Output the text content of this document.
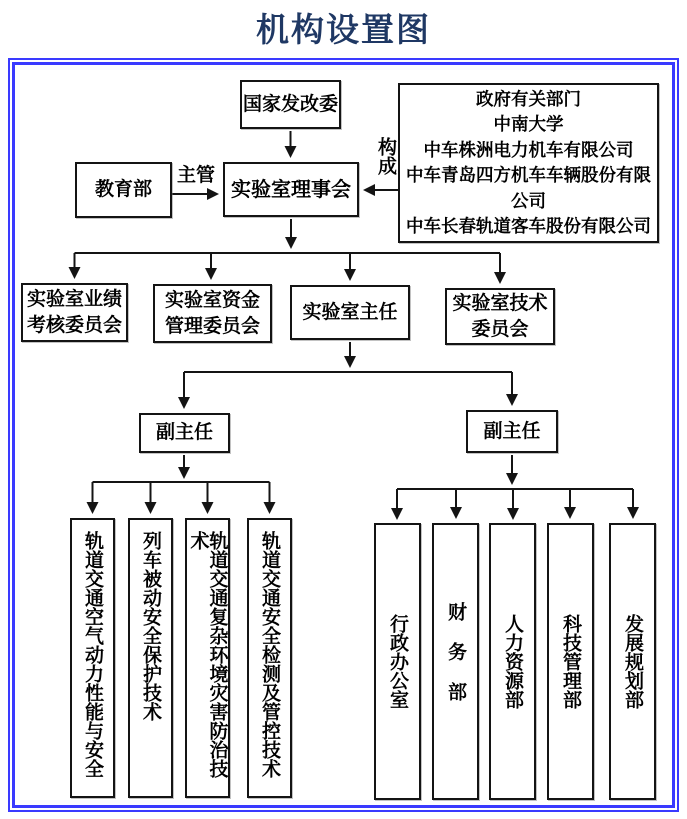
机构设置图
国家发改委
教育部	实验室理事会
政府有关部门
中南大学
中车株洲电力机车有限公司
中车青岛四方机车车辆股份有限公司
中车长春轨道客车股份有限公司
主管
构成
实验室业绩考核委员会
实验室资金管理委员会
实验室主任	实验室技术委员会
副主任	副主任
轨道交通空气动力性能与安全 列车被动安全保护技术	轨道交通复杂环境灾害防治技术	轨道交通安全检测及管控技术	行政办公室 财务部 人力资源部 科技管理部 发展规划部
